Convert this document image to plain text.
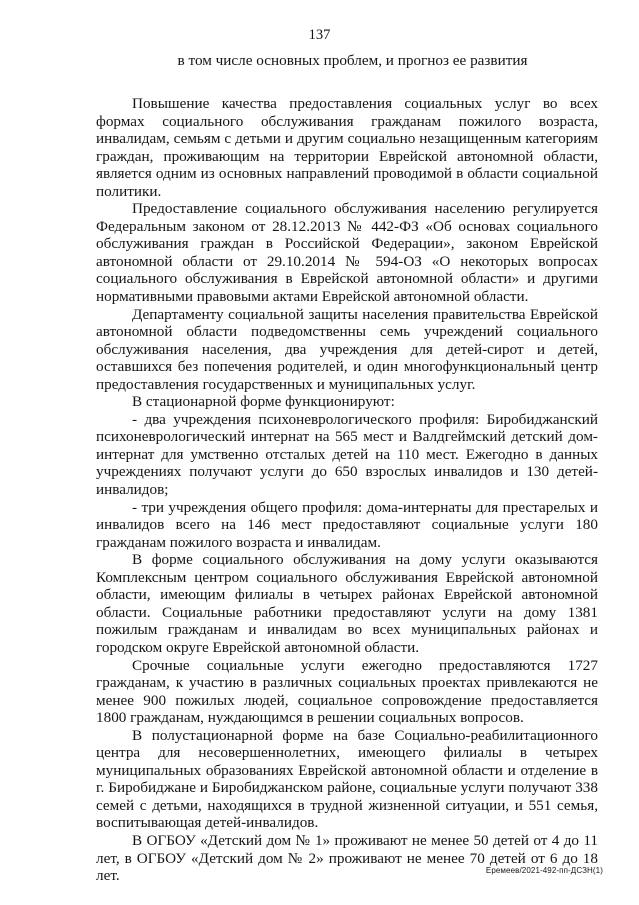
137
в том числе основных проблем, и прогноз ее развития

Повышение качества предоставления социальных услуг во всех формах социального обслуживания гражданам пожилого возраста, инвалидам, семьям с детьми и другим социально незащищенным категориям граждан, проживающим на территории Еврейской автономной области, является одним из основных направлений проводимой в области социальной политики.

Предоставление социального обслуживания населению регулируется Федеральным законом от 28.12.2013 № 442-ФЗ «Об основах социального обслуживания граждан в Российской Федерации», законом Еврейской автономной области от 29.10.2014 № 594-ОЗ «О некоторых вопросах социального обслуживания в Еврейской автономной области» и другими нормативными правовыми актами Еврейской автономной области.

Департаменту социальной защиты населения правительства Еврейской автономной области подведомственны семь учреждений социального обслуживания населения, два учреждения для детей-сирот и детей, оставшихся без попечения родителей, и один многофункциональный центр предоставления государственных и муниципальных услуг.

В стационарной форме функционируют:

- два учреждения психоневрологического профиля: Биробиджанский психоневрологический интернат на 565 мест и Валдгеймский детский дом-интернат для умственно отсталых детей на 110 мест. Ежегодно в данных учреждениях получают услуги до 650 взрослых инвалидов и 130 детей-инвалидов;

- три учреждения общего профиля: дома-интернаты для престарелых и инвалидов всего на 146 мест предоставляют социальные услуги 180 гражданам пожилого возраста и инвалидам.

В форме социального обслуживания на дому услуги оказываются Комплексным центром социального обслуживания Еврейской автономной области, имеющим филиалы в четырех районах Еврейской автономной области. Социальные работники предоставляют услуги на дому 1381 пожилым гражданам и инвалидам во всех муниципальных районах и городском округе Еврейской автономной области.

Срочные социальные услуги ежегодно предоставляются 1727 гражданам, к участию в различных социальных проектах привлекаются не менее 900 пожилых людей, социальное сопровождение предоставляется 1800 гражданам, нуждающимся в решении социальных вопросов.

В полустационарной форме на базе Социально-реабилитационного центра для несовершеннолетних, имеющего филиалы в четырех муниципальных образованиях Еврейской автономной области и отделение в г. Биробиджане и Биробиджанском районе, социальные услуги получают 338 семей с детьми, находящихся в трудной жизненной ситуации, и 551 семья, воспитывающая детей-инвалидов.

В ОГБОУ «Детский дом № 1» проживают не менее 50 детей от 4 до 11 лет, в ОГБОУ «Детский дом № 2» проживают не менее 70 детей от 6 до 18 лет.	Еремеев/2021-492-пп-ДСЗН(1)
